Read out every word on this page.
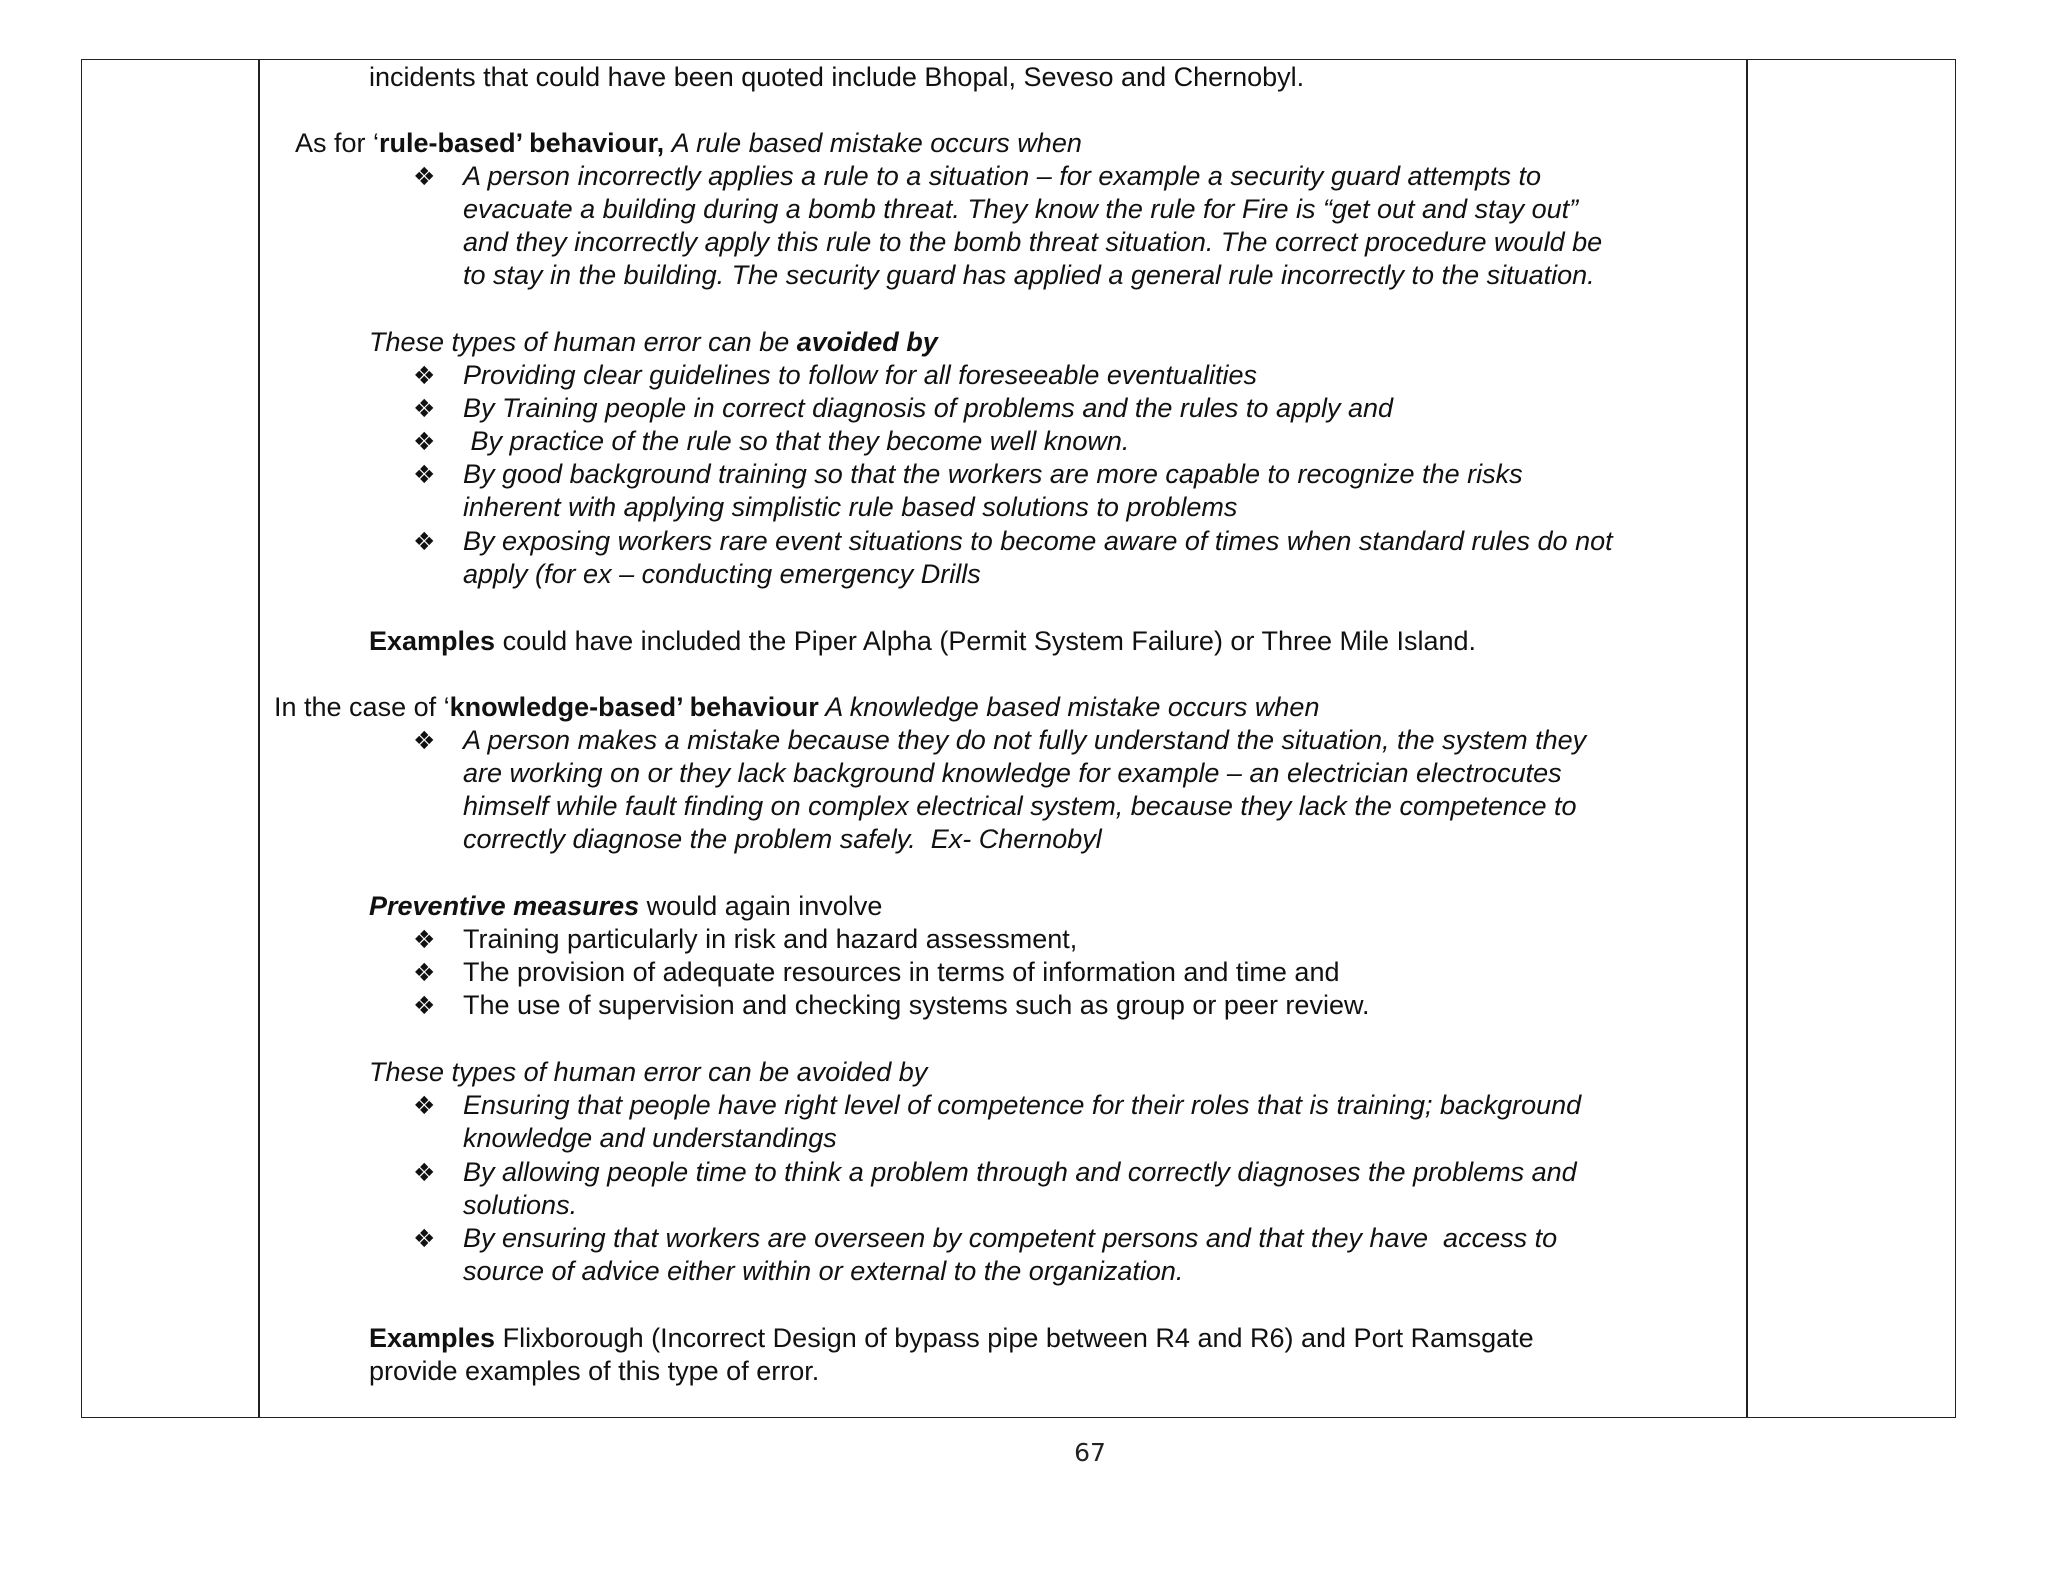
incidents that could have been quoted include Bhopal, Seveso and Chernobyl.
As for ‘rule-based’ behaviour, A rule based mistake occurs when
❖ A person incorrectly applies a rule to a situation – for example a security guard attempts to
evacuate a building during a bomb threat. They know the rule for Fire is “get out and stay out”
and they incorrectly apply this rule to the bomb threat situation. The correct procedure would be
to stay in the building. The security guard has applied a general rule incorrectly to the situation.
These types of human error can be avoided by
❖ Providing clear guidelines to follow for all foreseeable eventualities
❖ By Training people in correct diagnosis of problems and the rules to apply and
❖ By practice of the rule so that they become well known.
❖ By good background training so that the workers are more capable to recognize the risks
inherent with applying simplistic rule based solutions to problems
❖ By exposing workers rare event situations to become aware of times when standard rules do not
apply (for ex – conducting emergency Drills
Examples could have included the Piper Alpha (Permit System Failure) or Three Mile Island.
In the case of ‘knowledge-based’ behaviour A knowledge based mistake occurs when
❖ A person makes a mistake because they do not fully understand the situation, the system they
are working on or they lack background knowledge for example – an electrician electrocutes
himself while fault finding on complex electrical system, because they lack the competence to
correctly diagnose the problem safely.  Ex- Chernobyl
Preventive measures would again involve
❖ Training particularly in risk and hazard assessment,
❖ The provision of adequate resources in terms of information and time and
❖ The use of supervision and checking systems such as group or peer review.
These types of human error can be avoided by
❖ Ensuring that people have right level of competence for their roles that is training; background
knowledge and understandings
❖ By allowing people time to think a problem through and correctly diagnoses the problems and
solutions.
❖ By ensuring that workers are overseen by competent persons and that they have  access to
source of advice either within or external to the organization.
Examples Flixborough (Incorrect Design of bypass pipe between R4 and R6) and Port Ramsgate
provide examples of this type of error.
67
